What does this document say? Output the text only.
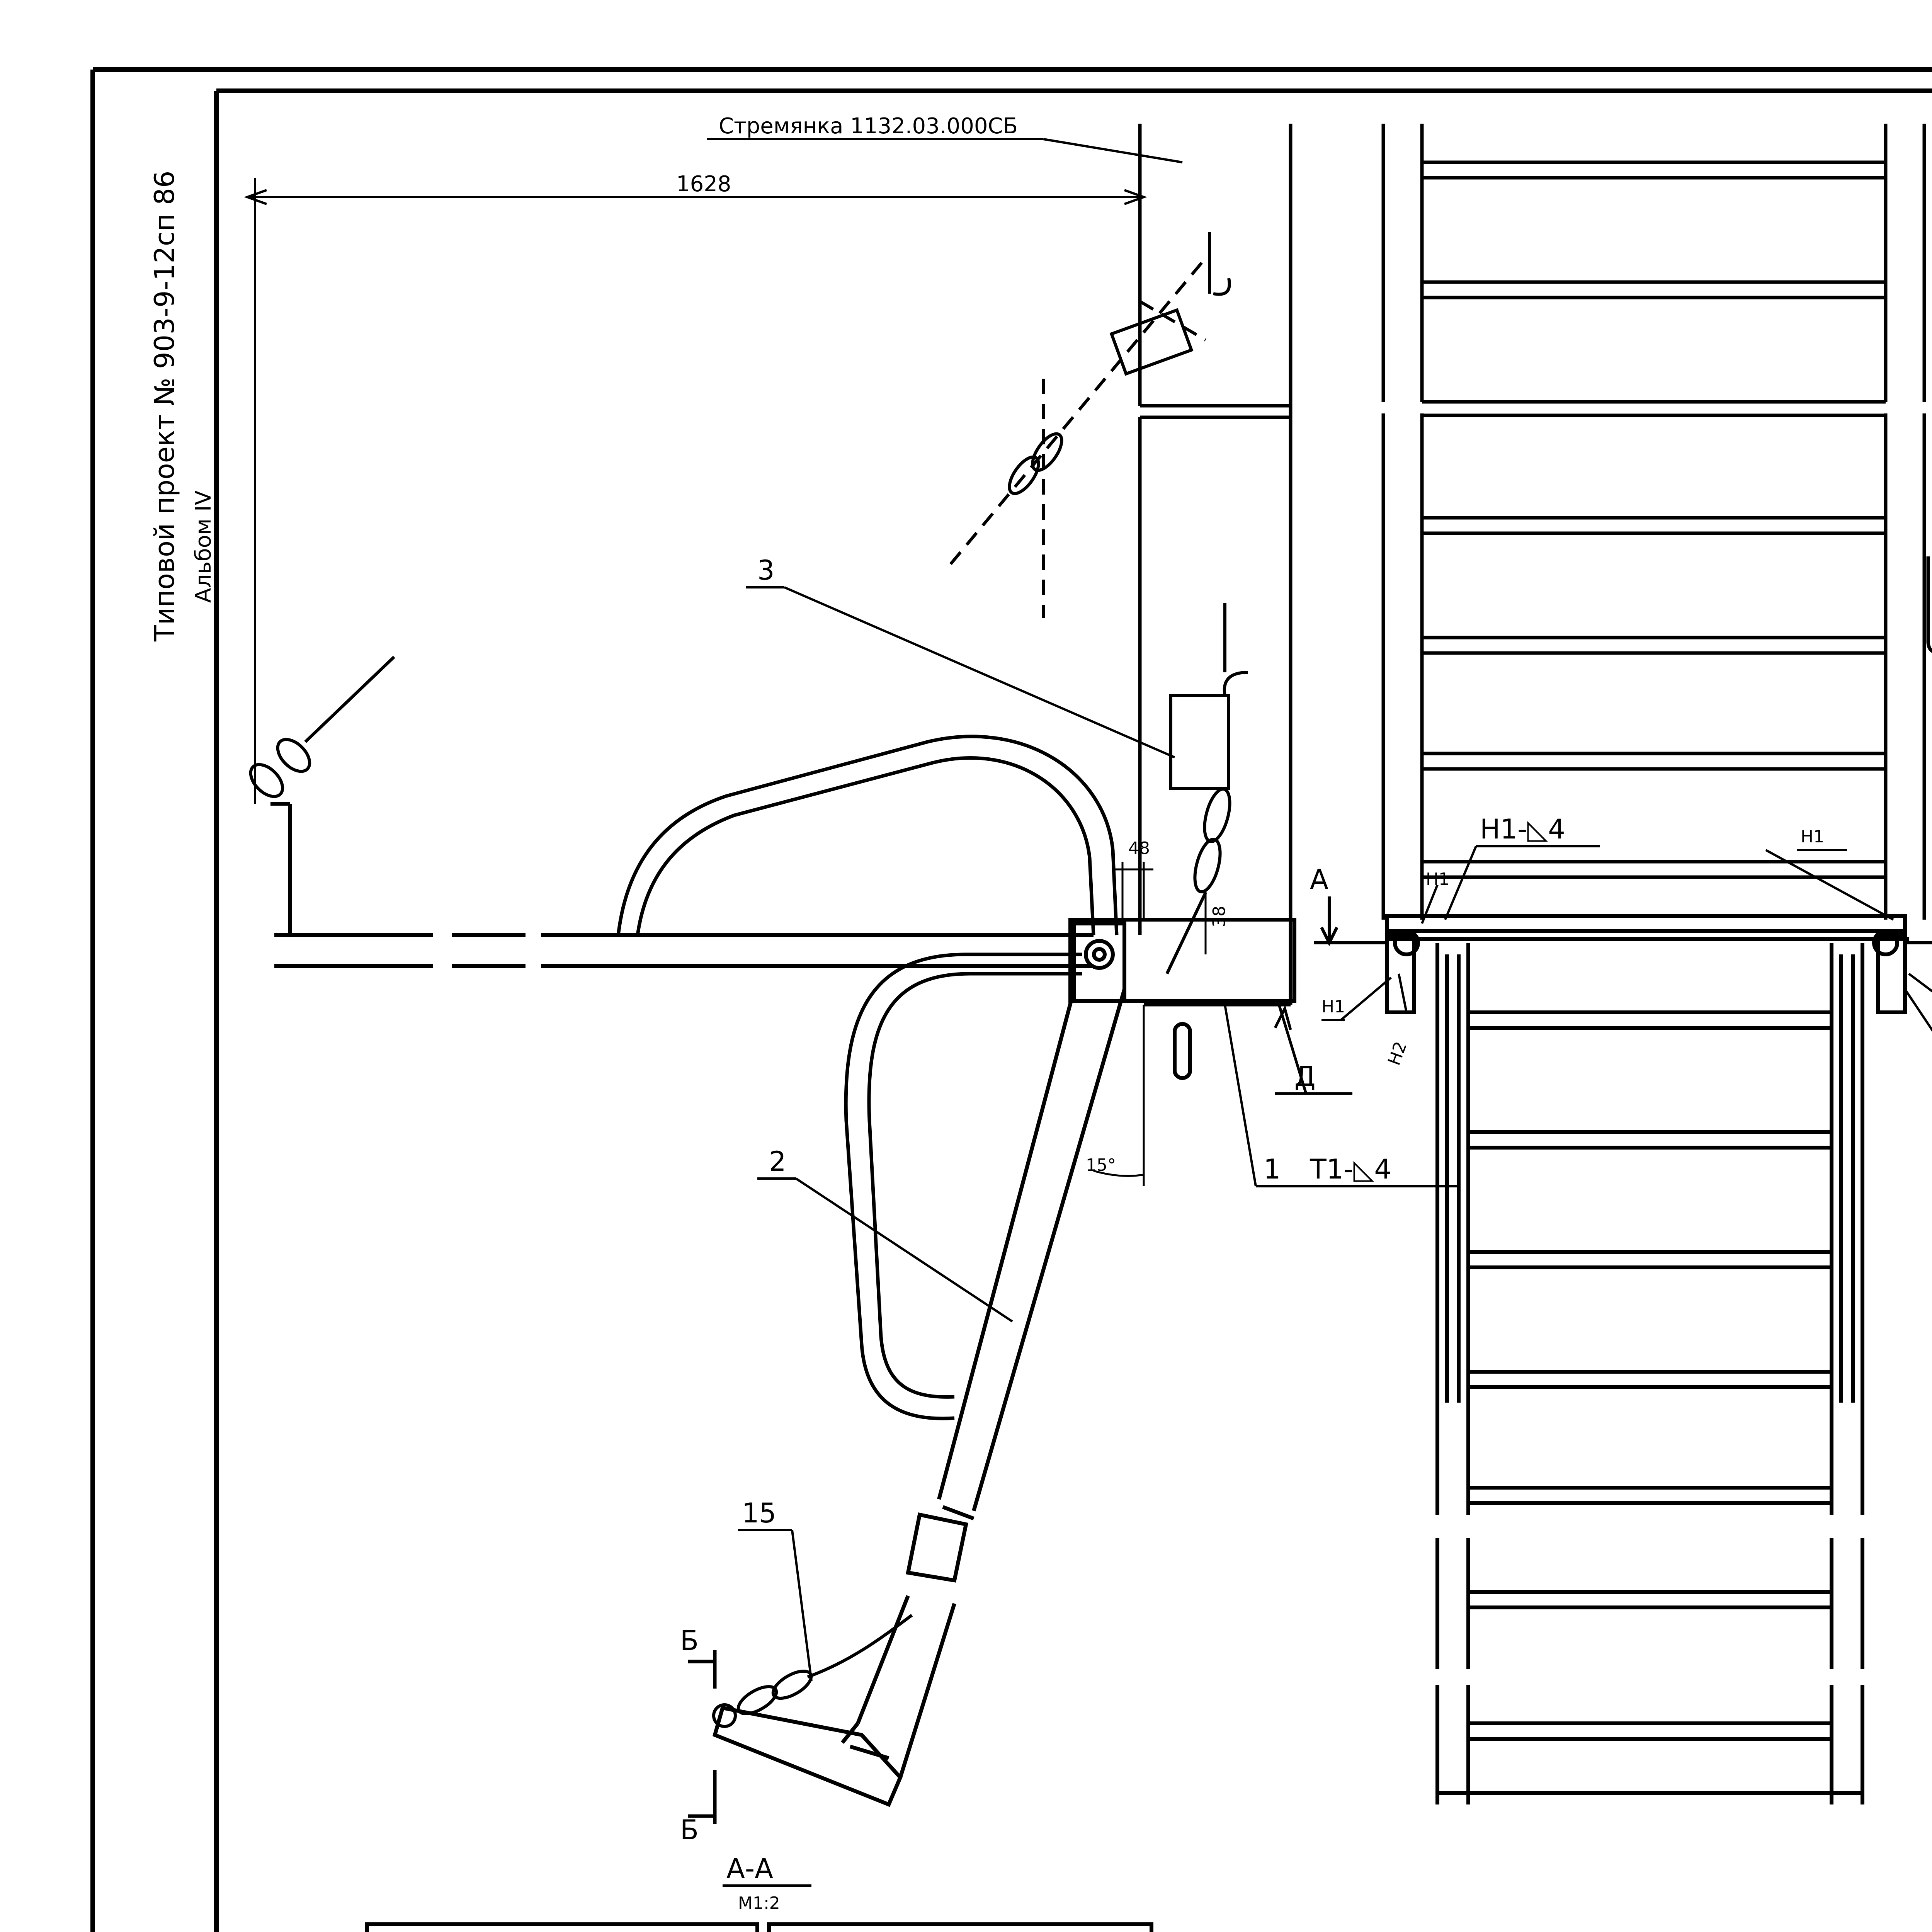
Типовой проект № 903-9-12сп 86 Альбом IV
Стремянка 1132.03.000СБ
1628
48
38
15°
Д
1 Т1-◺4
2
3
15
Б
Б
А
Н1-◺4
Н1
Н1
Н1
Н2
А-А
М1:2
